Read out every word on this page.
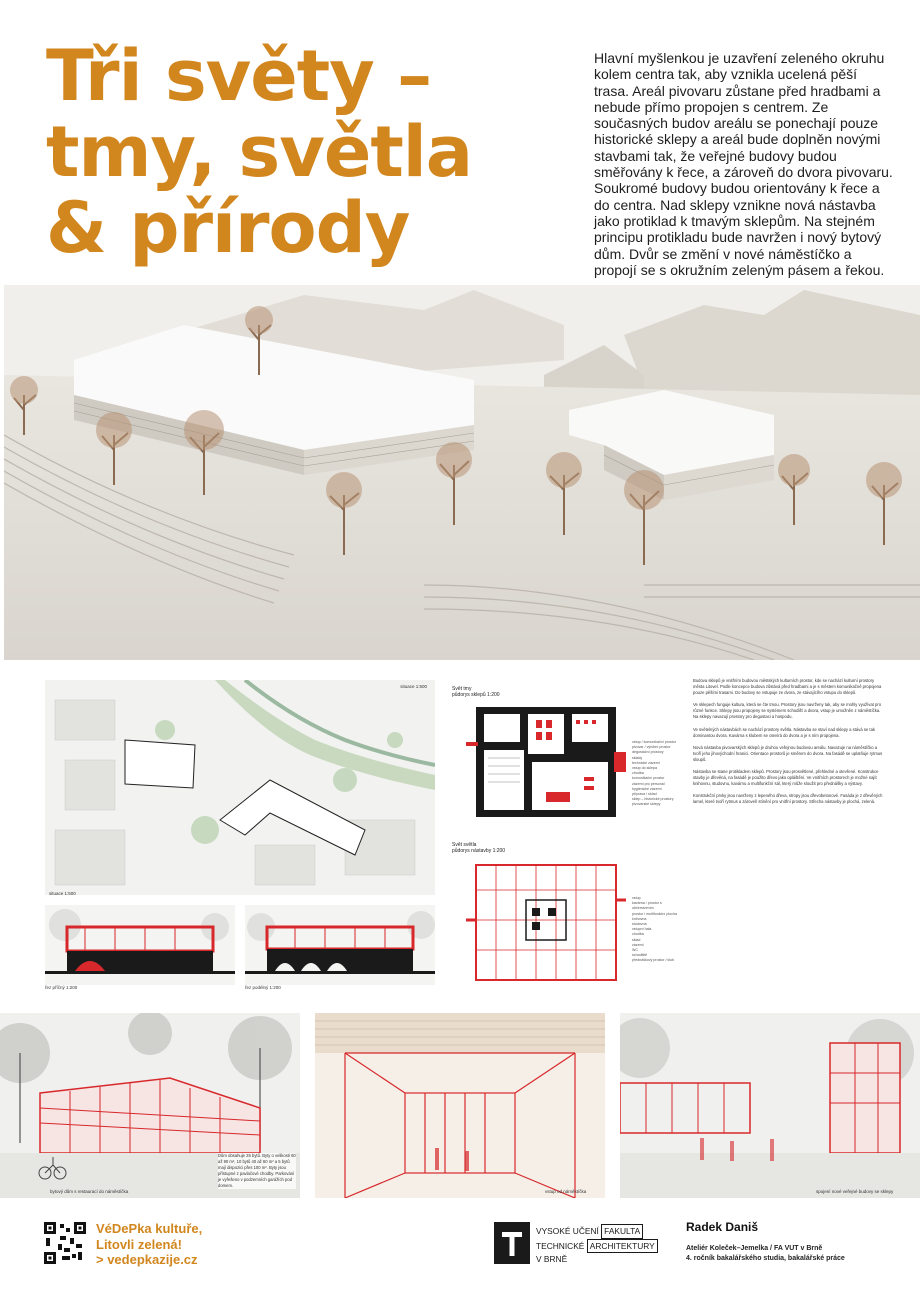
Tři světy –
tmy, světla
& přírody
Hlavní myšlenkou je uzavření zeleného okruhu kolem centra tak, aby vznikla ucelená pěší trasa. Areál pivovaru zůstane před hradbami a nebude přímo propojen s centrem. Ze současných budov areálu se ponechají pouze historické sklepy a areál bude doplněn novými stavbami tak, že veřejné budovy budou směřovány k řece, a zároveň do dvora pivovaru. Soukromé budovy budou orientovány k řece a do centra. Nad sklepy vznikne nová nástavba jako protiklad k tmavým sklepům. Na stejném principu protikladu bude navržen i nový bytový dům. Dvůr se změní v nové náměstíčko a propojí se s okružním zeleným pásem a řekou.
situace 1:500
situace 1:500
řez příčný 1:200	řez podélný 1:200
Svět tmy
půdorys sklepů 1:200
vstup / komunikační prostor
pivovar / výrobní prostor
degustační prostory
sklady
technické zázemí
vstup do sklepa
chodba
komunikační prostor
zázemí pro personál
hygienické zázemí
příprava / sklad
sklep – historické prostory
pivovarské sklepy
Svět světla
půdorys nástavby 1:200
vstup
kavárna / prostor s občerstvením
prostor / multifunkční plocha
knihovna
studovna
vstupní hala
chodba
sklad
zázemí
WC
schodiště
přednáškový prostor / klub

Budova sklepů je vnitřním budovou městských kulturních prostor, kde se nachází kulturní prostory města Litovel. Podle koncepce budova zůstává před hradbami a je s městem komunikačně propojena pouze pěšími trasami. Do budovy se vstupuje ze dvora, ze stávajícího vstupu do sklepů.

Ve sklepech funguje kultura, která se čte tmou. Prostory jsou navrženy tak, aby se mohly využívat pro různé funkce. Sklepy jsou propojeny se systémem schodišť a dvora, vstup je umožněn z náměstíčka. Na sklepy navazují prostory pro degustaci a hospodu.

Ve světelných nástavbách se nachází prostory světla. Nástavba se staví nad sklepy a stává se tak dominantou dvora. Kavárna s klubem se otevírá do dvora a je s ním propojena.

Nová nástavba pivovarských sklepů je druhou veřejnou budovou areálu. Navazuje na náměstíčko a tvoří jeho jihovýchodní hranici. Orientace prostorů je směrem do dvora. Na fasádě se uplatňuje rytmus sloupů.

Nástavba se stane protikladem sklepů. Prostory jsou prosvětlené, přehledné a otevřené. Konstrukce stavby je dřevěná, na fasádě je použito dřevo jako opláštění. Ve vnitřních prostorech je možné najít knihovnu, studovnu, kavárnu a multifunkční sál, který může sloužit pro přednášky a výstavy.

Konstrukční prvky jsou navrženy z lepeného dřeva, stropy jsou dřevobetonové. Fasáda je z dřevěných lamel, které tvoří rytmus a zároveň stínění pro vnitřní prostory. Střecha nástavby je plochá, zelená.

Dům obsahuje 25 bytů. Byty o velikosti 60 až 90 m², 10 bytů 40 až 60 m² a 5 bytů mají dispozici přes 100 m². Byty jsou přístupné z pavlačové chodby. Parkování je vyřešeno v podzemních garážích pod domem.
bytový dům s restaurací do náměstíčka	vstup od náměstíčka	spojení nové veřejné budovy se sklepy
VéDePka kultuře,
Litovli zelená!
> vedepkazije.cz
VYSOKÉ UČENÍ FAKULTA
TECHNICKÉ ARCHITEKTURY
V BRNĚ
Radek Daniš
Ateliér Koleček–Jemelka / FA VUT v Brně
4. ročník bakalářského studia, bakalářské práce
